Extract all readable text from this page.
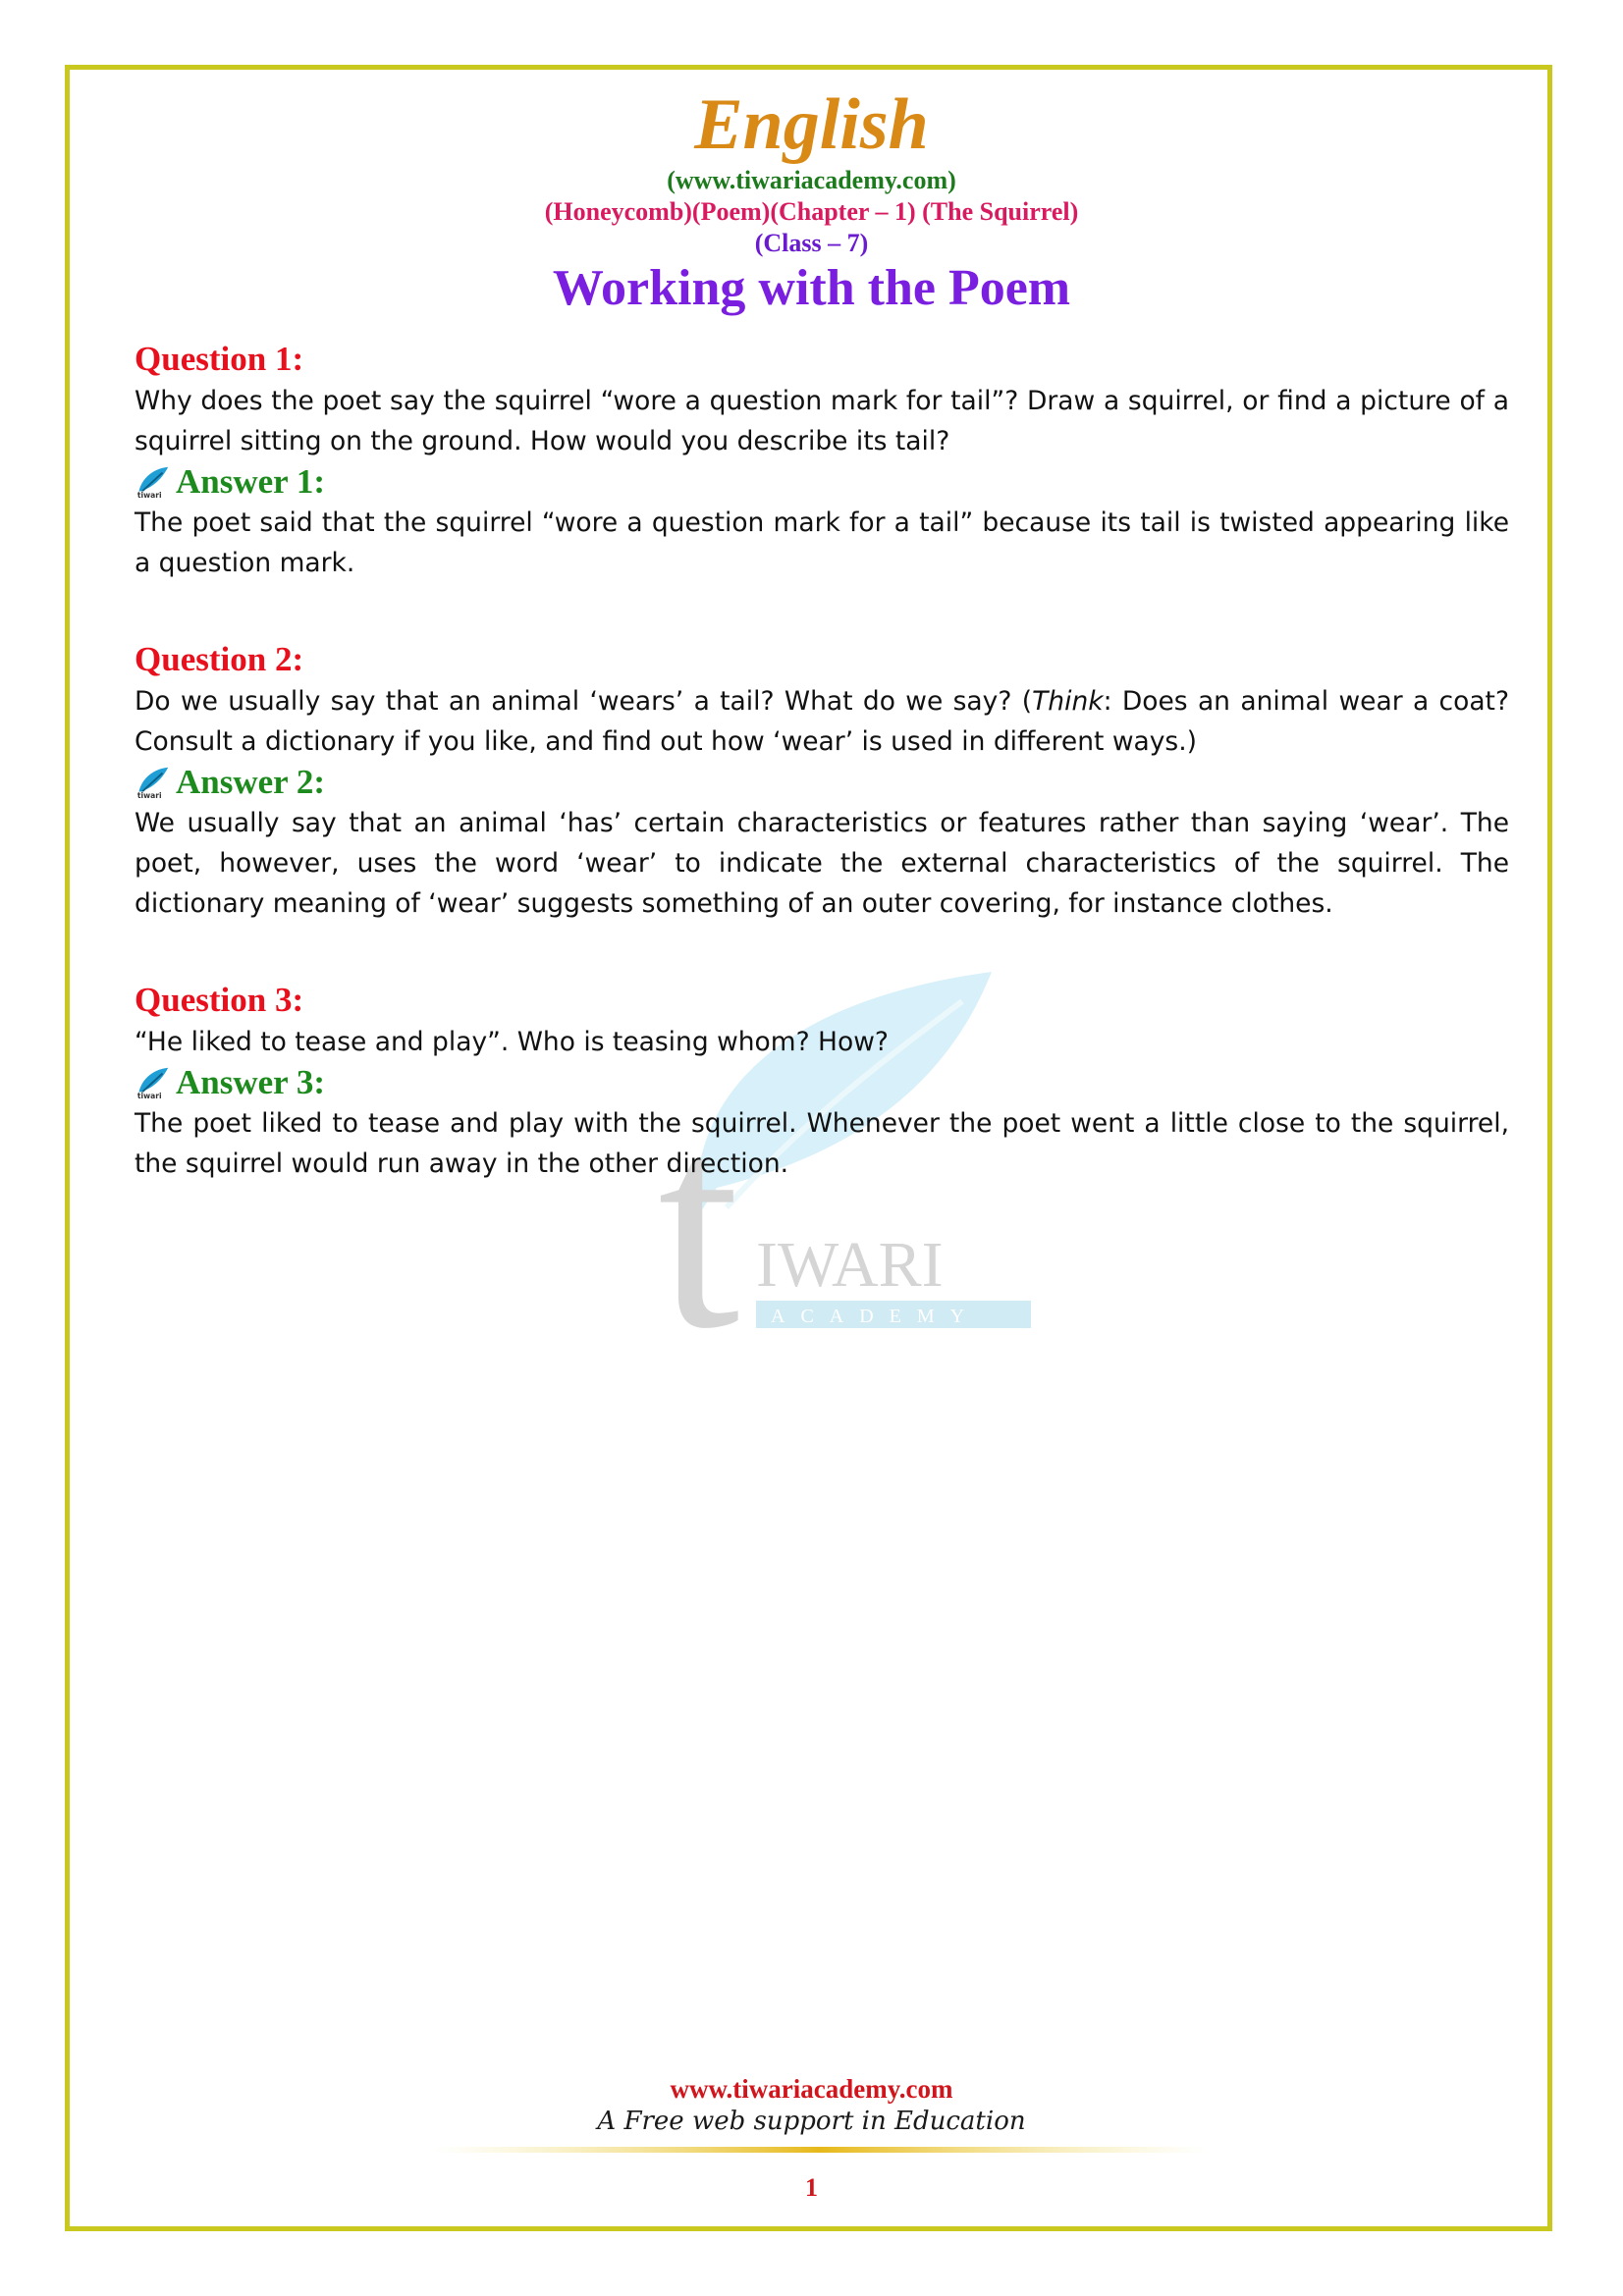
English
(www.tiwariacademy.com)
(Honeycomb)(Poem)(Chapter – 1) (The Squirrel)
(Class – 7)
Working with the Poem
t IWARI
ACADEMY

Question 1:

Why does the poet say the squirrel “wore a question mark for tail”? Draw a squirrel, or find a picture of a squirrel sitting on the ground. How would you describe its tail?

tiwari Answer 1:

The poet said that the squirrel “wore a question mark for a tail” because its tail is twisted appearing like a question mark.

Question 2:

Do we usually say that an animal ‘wears’ a tail? What do we say? (Think: Does an animal wear a coat? Consult a dictionary if you like, and find out how ‘wear’ is used in different ways.)

tiwari Answer 2:

We usually say that an animal ‘has’ certain characteristics or features rather than saying ‘wear’. The poet, however, uses the word ‘wear’ to indicate the external characteristics of the squirrel. The dictionary meaning of ‘wear’ suggests something of an outer covering, for instance clothes.

Question 3:

“He liked to tease and play”. Who is teasing whom? How?

tiwari Answer 3:

The poet liked to tease and play with the squirrel. Whenever the poet went a little close to the squirrel, the squirrel would run away in the other direction.

www.tiwariacademy.com
A Free web support in Education
1
